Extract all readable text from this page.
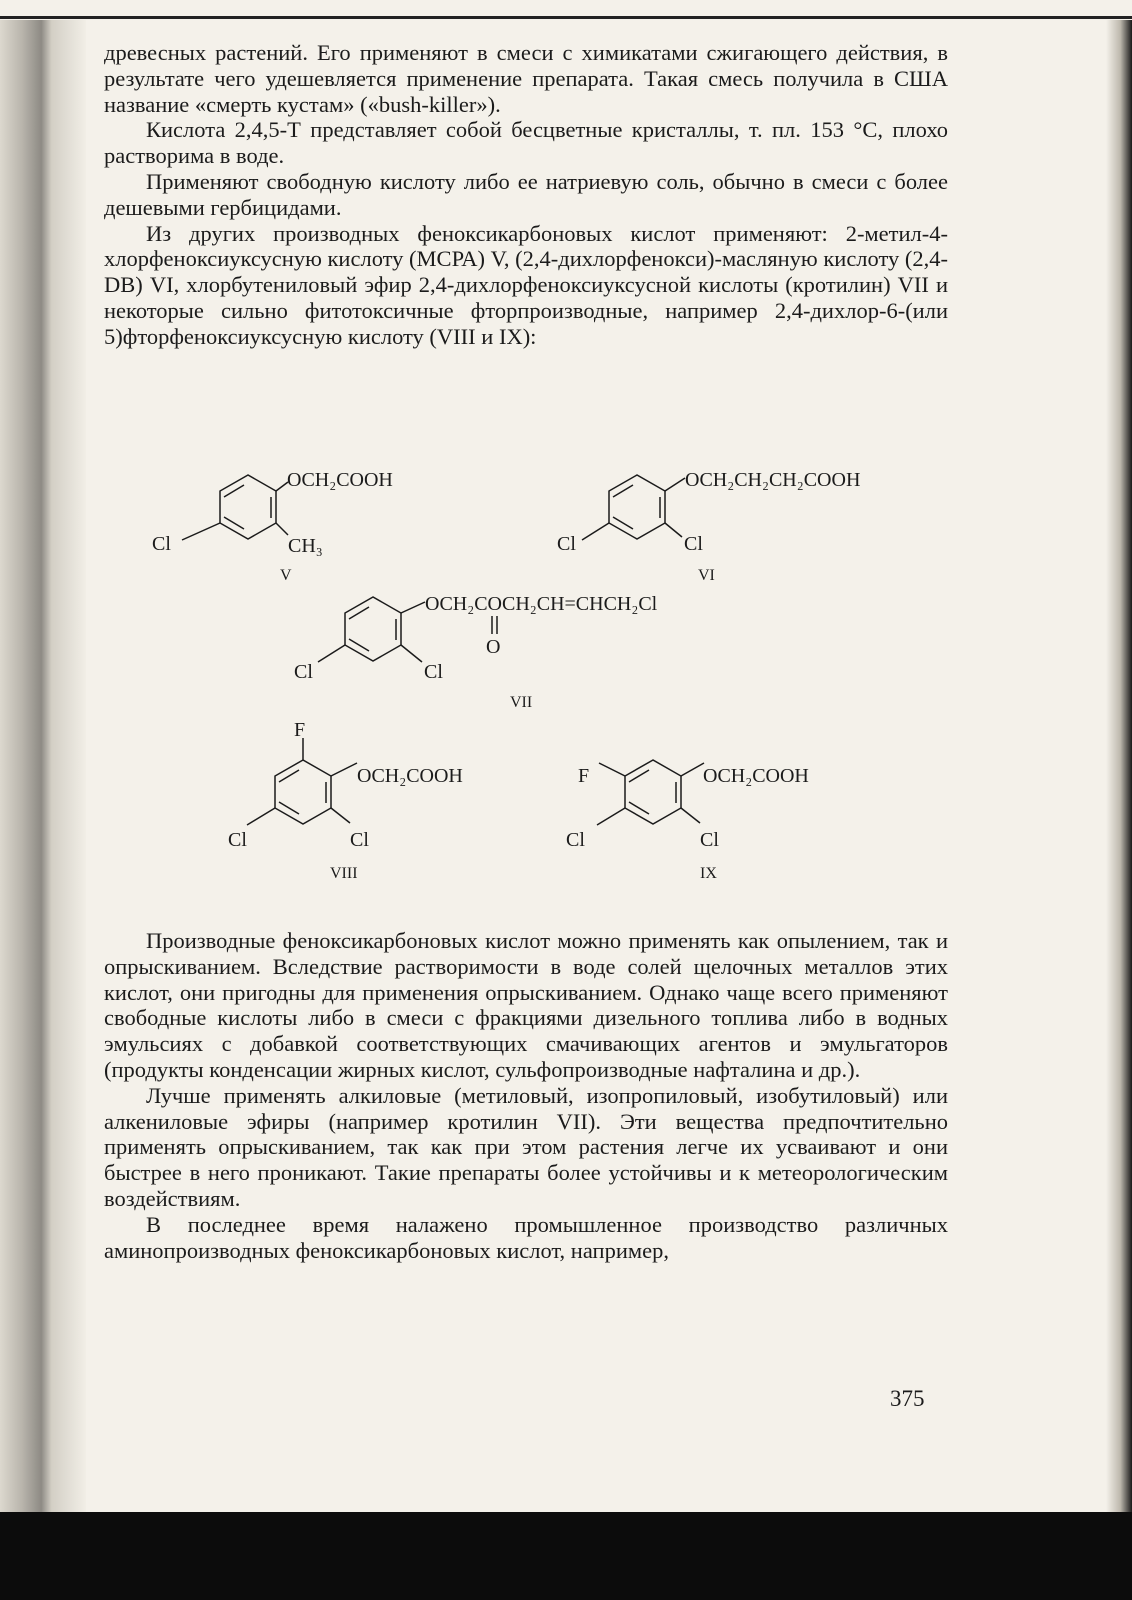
древесных растений. Его применяют в смеси с химикатами сжигающего действия, в результате чего удешевляется применение препарата. Такая смесь получила в США название «смерть кустам» («bush-killer»).

Кислота 2,4,5-Т представляет собой бесцветные кристаллы, т. пл. 153 °С, плохо растворима в воде.

Применяют свободную кислоту либо ее натриевую соль, обычно в смеси с более дешевыми гербицидами.

Из других производных феноксикарбоновых кислот применяют: 2-метил-4-хлорфеноксиуксусную кислоту (МСРА) V, (2,4-дихлорфенокси)-масляную кислоту (2,4-DB) VI, хлорбутениловый эфир 2,4-дихлорфеноксиуксусной кислоты (кротилин) VII и некоторые сильно фитотоксичные фторпроизводные, например 2,4-дихлор-6-(или 5)фторфеноксиуксусную кислоту (VIII и IX):

OCH₂COOH
Cl	CH₃
V
OCH₂CH₂CH₂COOH
Cl	Cl
VI
OCH₂COCH₂CH=CHCH₂Cl
O
Cl	Cl
VII
F
OCH₂COOH
Cl	Cl
VIII
F	OCH₂COOH
Cl	Cl
IX

Производные феноксикарбоновых кислот можно применять как опылением, так и опрыскиванием. Вследствие растворимости в воде солей щелочных металлов этих кислот, они пригодны для применения опрыскиванием. Однако чаще всего применяют свободные кислоты либо в смеси с фракциями дизельного топлива либо в водных эмульсиях с добавкой соответствующих смачивающих агентов и эмульгаторов (продукты конденсации жирных кислот, сульфопроизводные нафталина и др.).

Лучше применять алкиловые (метиловый, изопропиловый, изобутиловый) или алкениловые эфиры (например кротилин VII). Эти вещества предпочтительно применять опрыскиванием, так как при этом растения легче их усваивают и они быстрее в него проникают. Такие препараты более устойчивы и к метеорологическим воздействиям.

В последнее время налажено промышленное производство различных аминопроизводных феноксикарбоновых кислот, например,

375
